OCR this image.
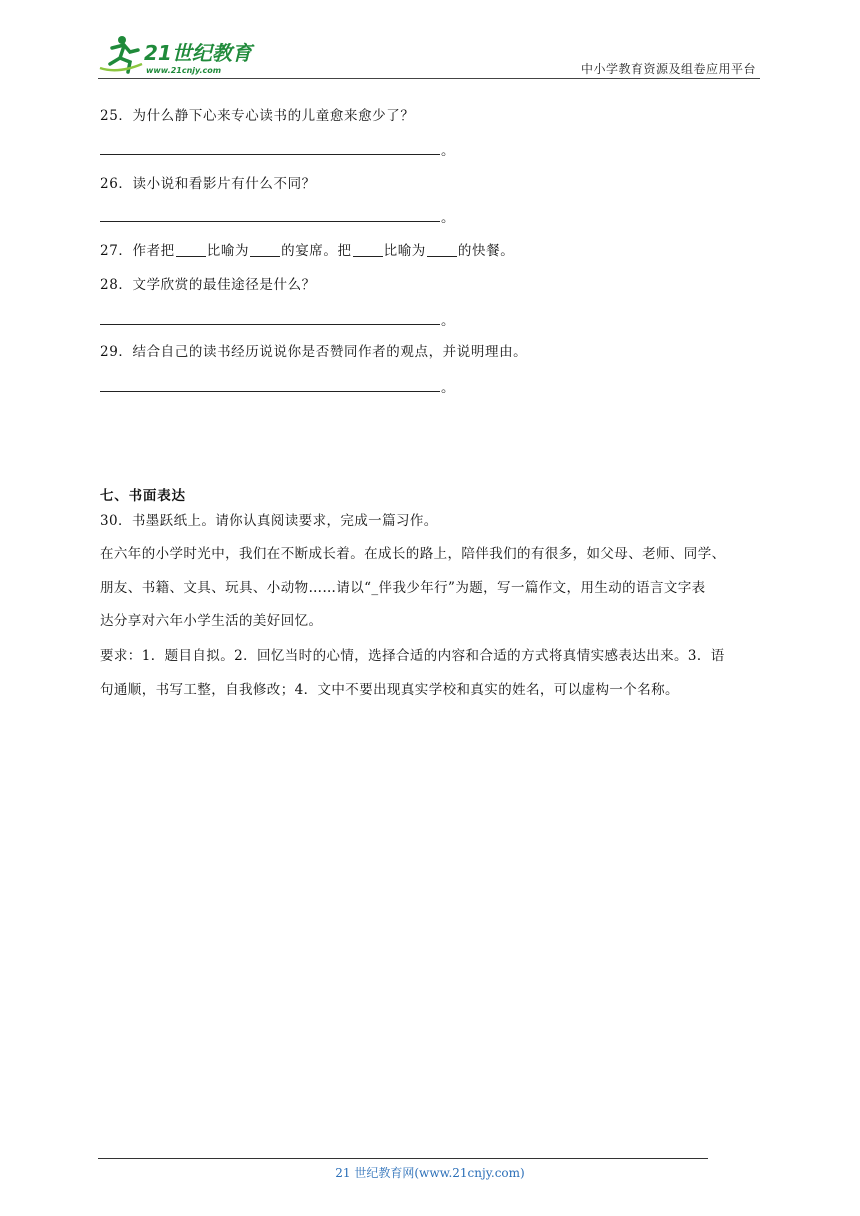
21世纪教育
www.21cnjy.com	中小学教育资源及组卷应用平台
25．为什么静下心来专心读书的儿童愈来愈少了？
。
26．读小说和看影片有什么不同？
。
27．作者把 比喻为 的宴席。把 比喻为 的快餐。
28．文学欣赏的最佳途径是什么？
。
29．结合自己的读书经历说说你是否赞同作者的观点，并说明理由。
。
七、书面表达
30．书墨跃纸上。请你认真阅读要求，完成一篇习作。
在六年的小学时光中，我们在不断成长着。在成长的路上，陪伴我们的有很多，如父母、老师、同学、
朋友、书籍、文具、玩具、小动物……请以“_伴我少年行”为题，写一篇作文，用生动的语言文字表
达分享对六年小学生活的美好回忆。
要求：1．题目自拟。2．回忆当时的心情，选择合适的内容和合适的方式将真情实感表达出来。3．语
句通顺，书写工整，自我修改；4．文中不要出现真实学校和真实的姓名，可以虚构一个名称。
21 世纪教育网(www.21cnjy.com)
